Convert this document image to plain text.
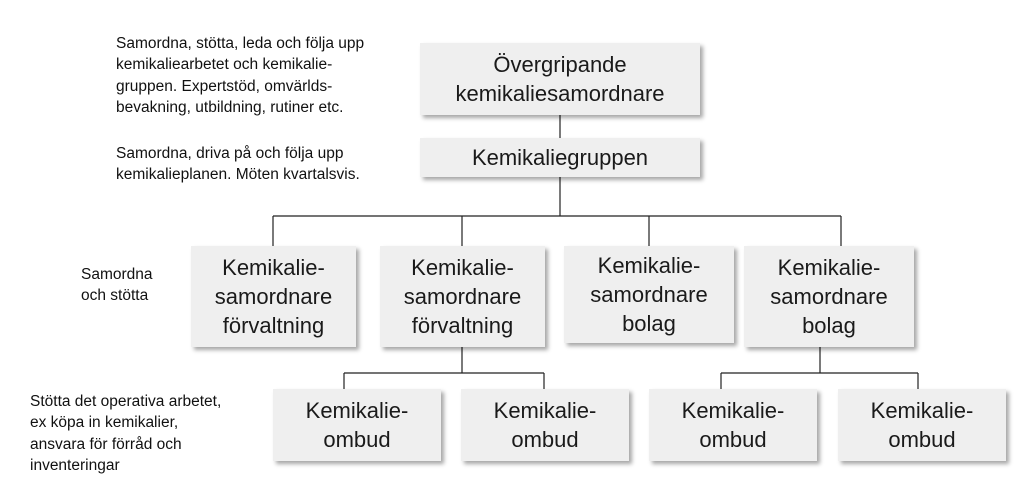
Samordna, stötta, leda och följa upp
kemikaliearbetet och kemikalie-
gruppen. Expertstöd, omvärlds-
bevakning, utbildning, rutiner etc.
Samordna, driva på och följa upp
kemikalieplanen. Möten kvartalsvis.
Samordna
och stötta
Stötta det operativa arbetet,
ex köpa in kemikalier,
ansvara för förråd och
inventeringar
Övergripande
kemikaliesamordnare
Kemikaliegruppen
Kemikalie-
samordnare
förvaltning
Kemikalie-
samordnare
förvaltning
Kemikalie-
samordnare
bolag
Kemikalie-
samordnare
bolag
Kemikalie-
ombud
Kemikalie-
ombud
Kemikalie-
ombud
Kemikalie-
ombud
